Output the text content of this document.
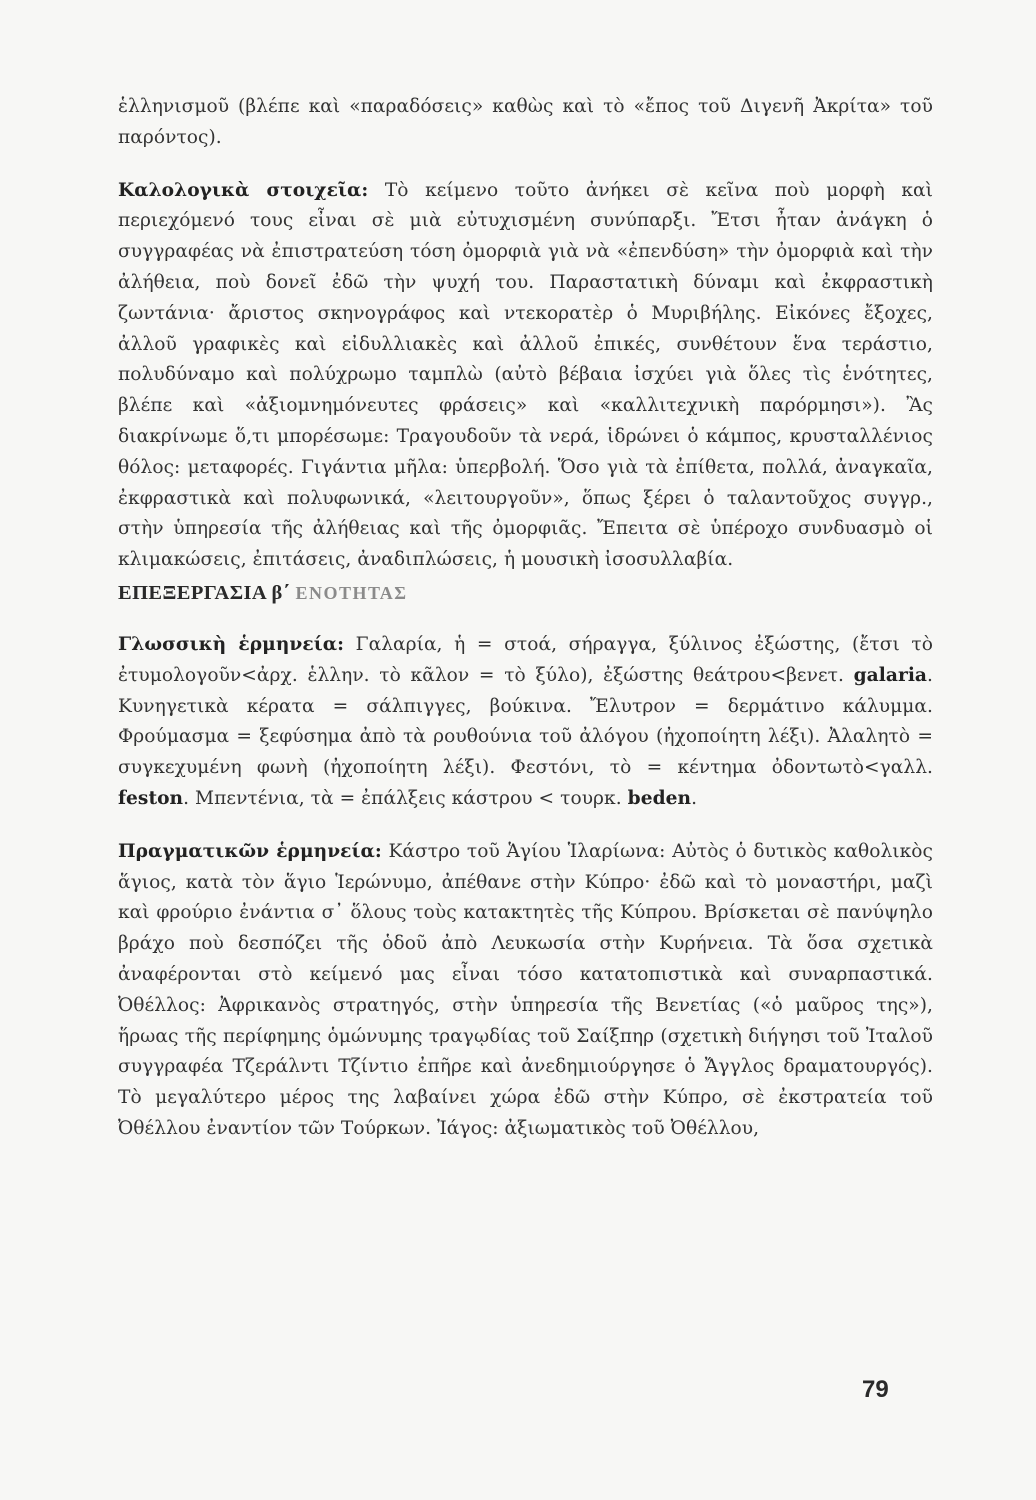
ἑλληνισμοῦ (βλέπε καὶ «παραδόσεις» καθὼς καὶ τὸ «ἔπος τοῦ Διγενῆ Ἀκρίτα» τοῦ παρόντος).

Καλολογικὰ στοιχεῖα: Τὸ κείμενο τοῦτο ἀνήκει σὲ κεῖνα ποὺ μορφὴ καὶ περιεχόμενό τους εἶναι σὲ μιὰ εὐτυχισμένη συνύπαρξι. Ἔτσι ἦταν ἀνάγκη ὁ συγγραφέας νὰ ἐπιστρατεύση τόση ὀμορφιὰ γιὰ νὰ «ἐπενδύση» τὴν ὀμορφιὰ καὶ τὴν ἀλήθεια, ποὺ δονεῖ ἐδῶ τὴν ψυχή του. Παραστατικὴ δύναμι καὶ ἐκφραστικὴ ζωντάνια· ἄριστος σκηνογράφος καὶ ντεκορατὲρ ὁ Μυριβήλης. Εἰκόνες ἔξοχες, ἀλλοῦ γραφικὲς καὶ εἰδυλλιακὲς καὶ ἀλλοῦ ἐπικές, συνθέτουν ἕνα τεράστιο, πολυδύναμο καὶ πολύχρωμο ταμπλὼ (αὐτὸ βέβαια ἰσχύει γιὰ ὅλες τὶς ἑνότητες, βλέπε καὶ «ἀξιομνημόνευτες φράσεις» καὶ «καλλιτεχνικὴ παρόρμησι»). Ἂς διακρίνωμε ὅ,τι μπορέσωμε: Τραγουδοῦν τὰ νερά, ἱδρώνει ὁ κάμπος, κρυσταλλένιος θόλος: μεταφορές. Γιγάντια μῆλα: ὑπερβολή. Ὅσο γιὰ τὰ ἐπίθετα, πολλά, ἀναγκαῖα, ἐκφραστικὰ καὶ πολυφωνικά, «λειτουργοῦν», ὅπως ξέρει ὁ ταλαντοῦχος συγγρ., στὴν ὑπηρεσία τῆς ἀλήθειας καὶ τῆς ὀμορφιᾶς. Ἔπειτα σὲ ὑπέροχο συνδυασμὸ οἱ κλιμακώσεις, ἐπιτάσεις, ἀναδιπλώσεις, ἡ μουσικὴ ἰσοσυλλαβία.

ΕΠΕΞΕΡΓΑΣΙΑ β΄ ΕΝΟΤΗΤΑΣ

Γλωσσικὴ ἑρμηνεία: Γαλαρία, ἡ = στοά, σήραγγα, ξύλινος ἐξώστης, (ἔτσι τὸ ἐτυμολογοῦν<ἀρχ. ἑλλην. τὸ κᾶλον = τὸ ξύλο), ἐξώστης θεάτρου<βενετ. galaria. Κυνηγετικὰ κέρατα = σάλπιγγες, βούκινα. Ἔλυτρον = δερμάτινο κάλυμμα. Φρούμασμα = ξεφύσημα ἀπὸ τὰ ρουθούνια τοῦ ἀλόγου (ἠχοποίητη λέξι). Ἀλαλητὸ = συγκεχυμένη φωνὴ (ἠχοποίητη λέξι). Φεστόνι, τὸ = κέντημα ὀδοντωτὸ<γαλλ. feston. Μπεντένια, τὰ = ἐπάλξεις κάστρου < τουρκ. beden.

Πραγματικῶν ἑρμηνεία: Κάστρο τοῦ Ἁγίου Ἱλαρίωνα: Αὐτὸς ὁ δυτικὸς καθολικὸς ἅγιος, κατὰ τὸν ἅγιο Ἱερώνυμο, ἀπέθανε στὴν Κύπρο· ἐδῶ καὶ τὸ μοναστήρι, μαζὶ καὶ φρούριο ἐνάντια σ᾿ ὅλους τοὺς κατακτητὲς τῆς Κύπρου. Βρίσκεται σὲ πανύψηλο βράχο ποὺ δεσπόζει τῆς ὁδοῦ ἀπὸ Λευκωσία στὴν Κυρήνεια. Τὰ ὅσα σχετικὰ ἀναφέρονται στὸ κείμενό μας εἶναι τόσο κατατοπιστικὰ καὶ συναρπαστικά. Ὀθέλλος: Ἀφρικανὸς στρατηγός, στὴν ὑπηρεσία τῆς Βενετίας («ὁ μαῦρος της»), ἥρωας τῆς περίφημης ὁμώνυμης τραγῳδίας τοῦ Σαίξπηρ (σχετικὴ διήγησι τοῦ Ἰταλοῦ συγγραφέα Τζεράλντι Τζίντιο ἐπῆρε καὶ ἀνεδημιούργησε ὁ Ἄγγλος δραματουργός). Τὸ μεγαλύτερο μέρος της λαβαίνει χώρα ἐδῶ στὴν Κύπρο, σὲ ἐκστρατεία τοῦ Ὀθέλλου ἐναντίον τῶν Τούρκων. Ἰάγος: ἀξιωματικὸς τοῦ Ὀθέλλου,

79
